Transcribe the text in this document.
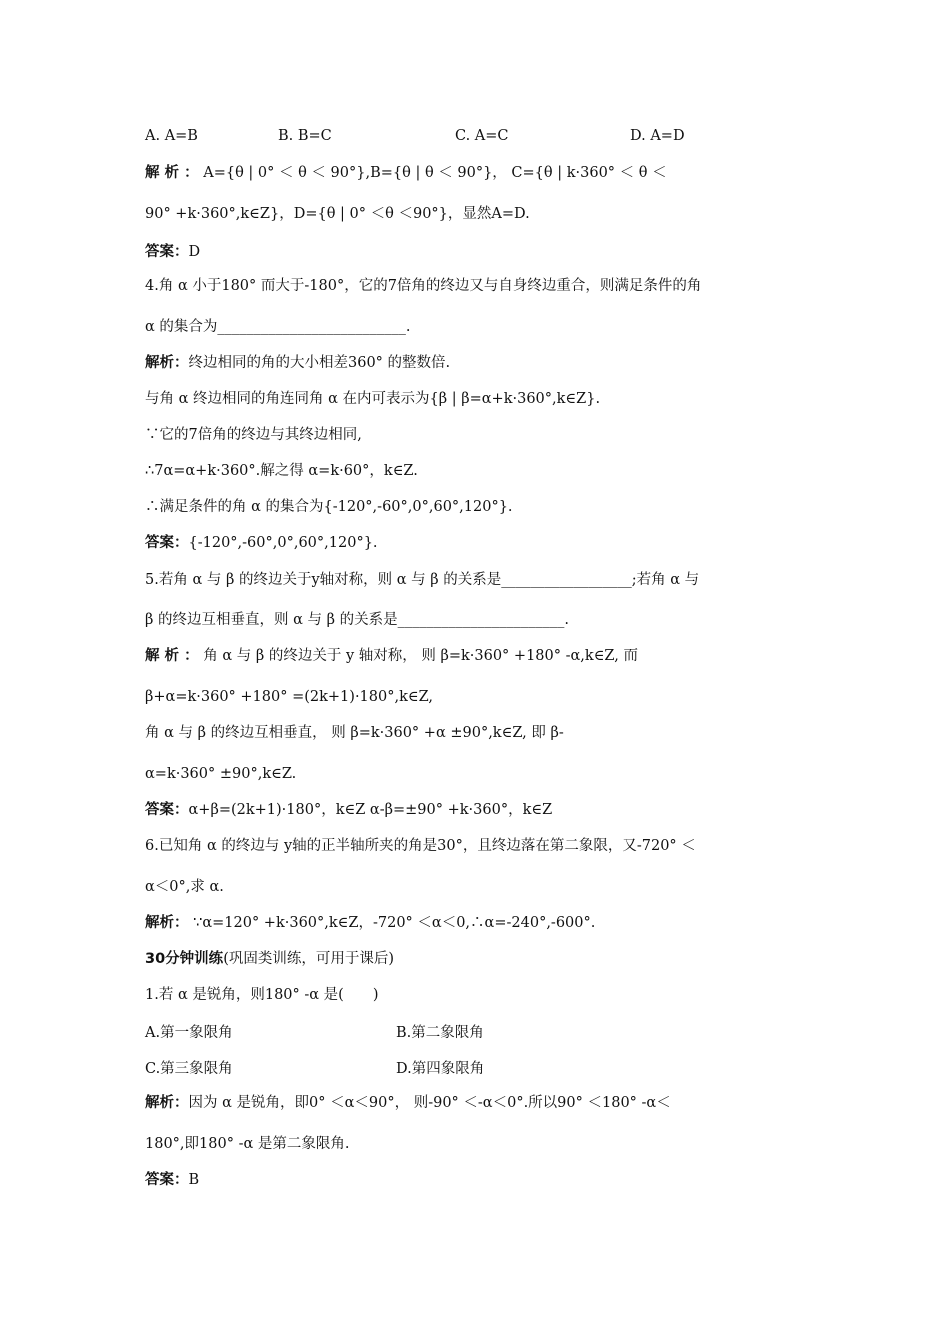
A. A=B	B. B=C	C. A=C	D. A=D
解 析 ： A={θ | 0° ＜ θ ＜ 90°},B={θ | θ ＜ 90°}， C={θ | k·360° ＜ θ ＜
90° +k·360°,k∈Z}，D={θ | 0° ＜θ ＜90°}，显然A=D.
答案：D
4.角 α 小于180° 而大于-180°，它的7倍角的终边又与自身终边重合，则满足条件的角
α 的集合为__________________________.
解析：终边相同的角的大小相差360° 的整数倍.
与角 α 终边相同的角连同角 α 在内可表示为{β | β=α+k·360°,k∈Z}.
∵它的7倍角的终边与其终边相同,
∴7α=α+k·360°.解之得 α=k·60°，k∈Z.
∴满足条件的角 α 的集合为{-120°,-60°,0°,60°,120°}.
答案：{-120°,-60°,0°,60°,120°}.
5.若角 α 与 β 的终边关于y轴对称，则 α 与 β 的关系是__________________;若角 α 与
β 的终边互相垂直，则 α 与 β 的关系是_______________________.
解 析 ： 角 α 与 β 的终边关于 y 轴对称， 则 β=k·360° +180° -α,k∈Z, 而
β+α=k·360° +180° =(2k+1)·180°,k∈Z,
角 α 与 β 的终边互相垂直， 则 β=k·360° +α ±90°,k∈Z, 即 β-
α=k·360° ±90°,k∈Z.
答案：α+β=(2k+1)·180°，k∈Z α-β=±90° +k·360°，k∈Z
6.已知角 α 的终边与 y轴的正半轴所夹的角是30°，且终边落在第二象限，又-720° ＜
α＜0°,求 α.
解析： ∵α=120° +k·360°,k∈Z，-720° ＜α＜0,∴α=-240°,-600°.
30分钟训练(巩固类训练，可用于课后)
1.若 α 是锐角，则180° -α 是(　　)
A.第一象限角	B.第二象限角
C.第三象限角	D.第四象限角
解析：因为 α 是锐角，即0° ＜α＜90°， 则-90° ＜-α＜0°.所以90° ＜180° -α＜
180°,即180° -α 是第二象限角.
答案：B
